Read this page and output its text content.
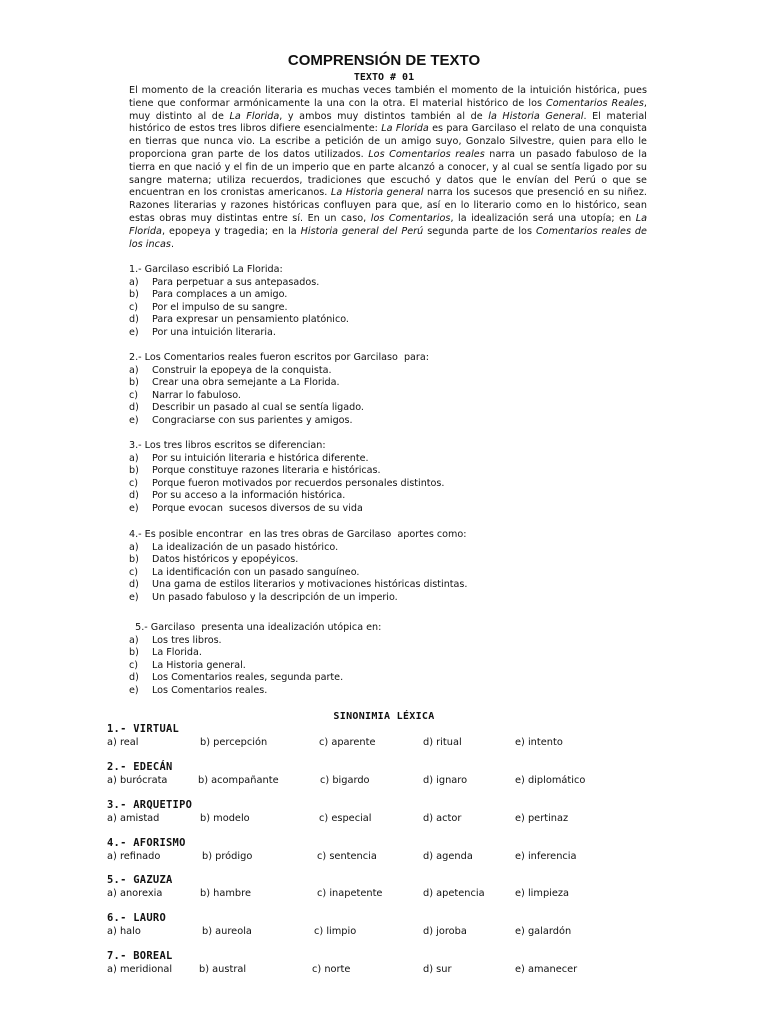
COMPRENSIÓN DE TEXTO
TEXTO # 01
El momento de la creación literaria es muchas veces también el momento de la intuición histórica, pues tiene que conformar armónicamente la una con la otra. El material histórico de los Comentarios Reales, muy distinto al de La Florida, y ambos muy distintos también al de la Historia General. El material histórico de estos tres libros difiere esencialmente: La Florida es para Garcilaso el relato de una conquista en tierras que nunca vio. La escribe a petición de un amigo suyo, Gonzalo Silvestre, quien para ello le proporciona gran parte de los datos utilizados. Los Comentarios reales narra un pasado fabuloso de la tierra en que nació y el fin de un imperio que en parte alcanzó a conocer, y al cual se sentía ligado por su sangre materna; utiliza recuerdos, tradiciones que escuchó y datos que le envían del Perú o que se encuentran en los cronistas americanos. La Historia general narra los sucesos que presenció en su niñez. Razones literarias y razones históricas confluyen para que, así en lo literario como en lo histórico, sean estas obras muy distintas entre sí. En un caso, los Comentarios, la idealización será una utopía; en La Florida, epopeya y tragedia; en la Historia general del Perú segunda parte de los Comentarios reales de los incas.
1.- Garcilaso escribió La Florida:
a)	Para perpetuar a sus antepasados.
b)	Para complaces a un amigo.
c)	Por el impulso de su sangre.
d)	Para expresar un pensamiento platónico.
e)	Por una intuición literaria.
2.- Los Comentarios reales fueron escritos por Garcilaso  para:
a)	Construir la epopeya de la conquista.
b)	Crear una obra semejante a La Florida.
c)	Narrar lo fabuloso.
d)	Describir un pasado al cual se sentía ligado.
e)	Congraciarse con sus parientes y amigos.
3.- Los tres libros escritos se diferencian:
a)	Por su intuición literaria e histórica diferente.
b)	Porque constituye razones literaria e históricas.
c)	Porque fueron motivados por recuerdos personales distintos.
d)	Por su acceso a la información histórica.
e)	Porque evocan  sucesos diversos de su vida
4.- Es posible encontrar  en las tres obras de Garcilaso  aportes como:
a)	La idealización de un pasado histórico.
b)	Datos históricos y epopéyicos.
c)	La identificación con un pasado sanguíneo.
d)	Una gama de estilos literarios y motivaciones históricas distintas.
e)	Un pasado fabuloso y la descripción de un imperio.
5.- Garcilaso  presenta una idealización utópica en:
a)	Los tres libros.
b)	La Florida.
c)	La Historia general.
d)	Los Comentarios reales, segunda parte.
e)	Los Comentarios reales.
SINONIMIA LÉXICA
1.- VIRTUAL
a) real	b) percepción	c) aparente	d) ritual	e) intento
2.- EDECÁN
a) burócrata	b) acompañante	c) bigardo	d) ignaro	e) diplomático
3.- ARQUETIPO
a) amistad	b) modelo	c) especial	d) actor	e) pertinaz
4.- AFORISMO
a) refinado	b) pródigo	c) sentencia	d) agenda	e) inferencia
5.- GAZUZA
a) anorexia	b) hambre	c) inapetente	d) apetencia	e) limpieza
6.- LAURO
a) halo	b) aureola	c) limpio	d) joroba	e) galardón
7.- BOREAL
a) meridional	b) austral	c) norte	d) sur	e) amanecer
